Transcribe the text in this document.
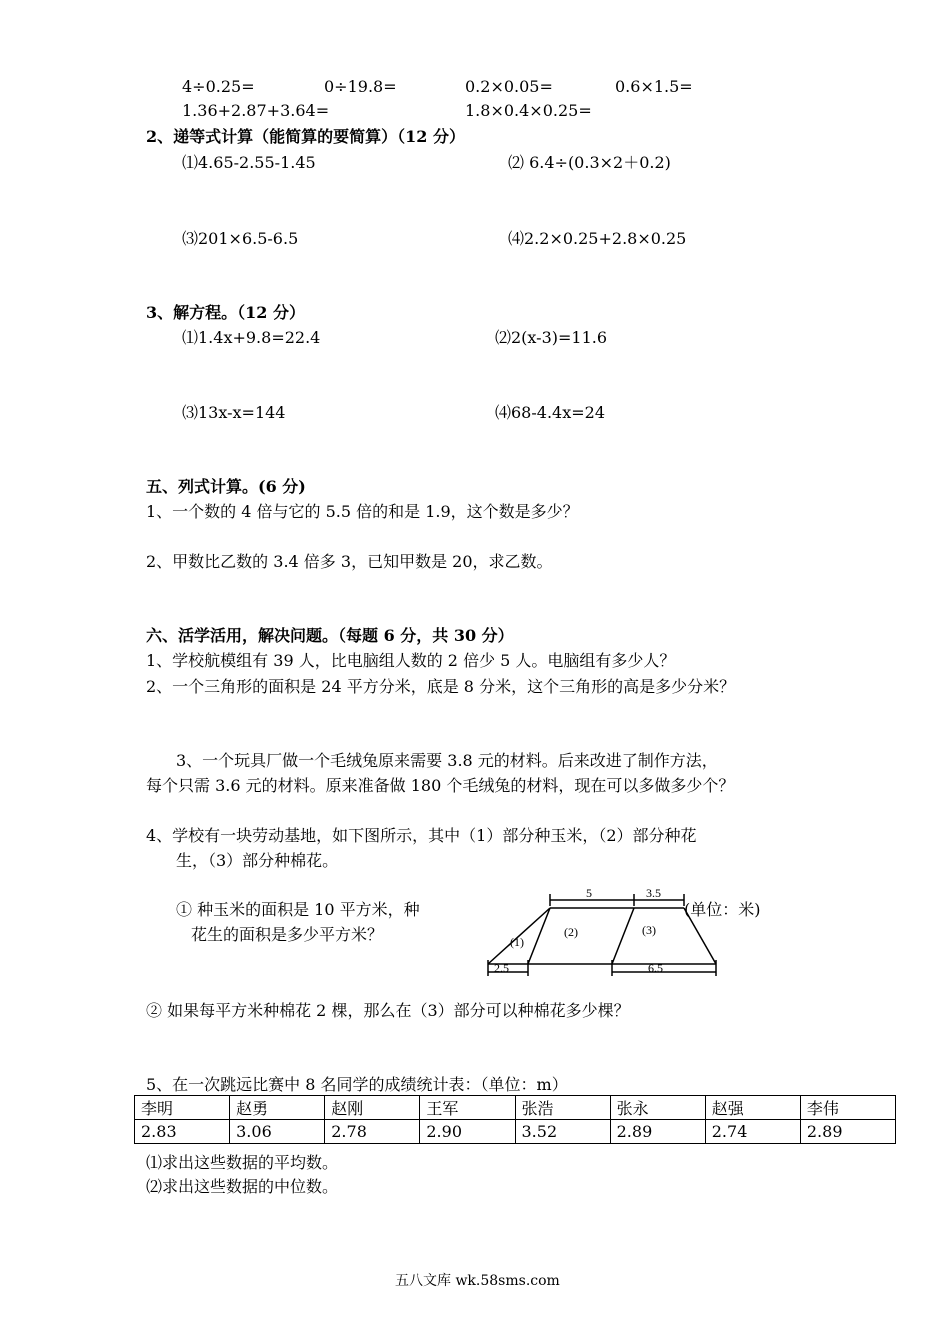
4÷0.25=	0÷19.8=	0.2×0.05=	0.6×1.5=
1.36+2.87+3.64=	1.8×0.4×0.25=
2、递等式计算（能简算的要简算）（12 分）
⑴4.65-2.55-1.45	⑵ 6.4÷(0.3×2＋0.2)
⑶201×6.5-6.5	⑷2.2×0.25+2.8×0.25
3、解方程。（12 分）
⑴1.4x+9.8=22.4	⑵2(x-3)=11.6
⑶13x-x=144	⑷68-4.4x=24
五、列式计算。(6 分)
1、一个数的 4 倍与它的 5.5 倍的和是 1.9，这个数是多少？
2、甲数比乙数的 3.4 倍多 3，已知甲数是 20，求乙数。
六、活学活用，解决问题。（每题 6 分，共 30 分）
1、学校航模组有 39 人，比电脑组人数的 2 倍少 5 人。电脑组有多少人？
2、一个三角形的面积是 24 平方分米，底是 8 分米，这个三角形的高是多少分米？
3、一个玩具厂做一个毛绒兔原来需要 3.8 元的材料。后来改进了制作方法，
每个只需 3.6 元的材料。原来准备做 180 个毛绒兔的材料，现在可以多做多少个？
4、学校有一块劳动基地，如下图所示，其中（1）部分种玉米，（2）部分种花
生，（3）部分种棉花。
① 种玉米的面积是 10 平方米，种
花生的面积是多少平方米？
5	3.5
(1)
(2)	(3)
2.5	6.5
(单位：米)
② 如果每平方米种棉花 2 棵，那么在（3）部分可以种棉花多少棵？
5、在一次跳远比赛中 8 名同学的成绩统计表：（单位：m）
李明	赵勇	赵刚	王军	张浩	张永	赵强	李伟
2.83	3.06	2.78	2.90	3.52	2.89	2.74	2.89
⑴求出这些数据的平均数。
⑵求出这些数据的中位数。
五八文库 wk.58sms.com
